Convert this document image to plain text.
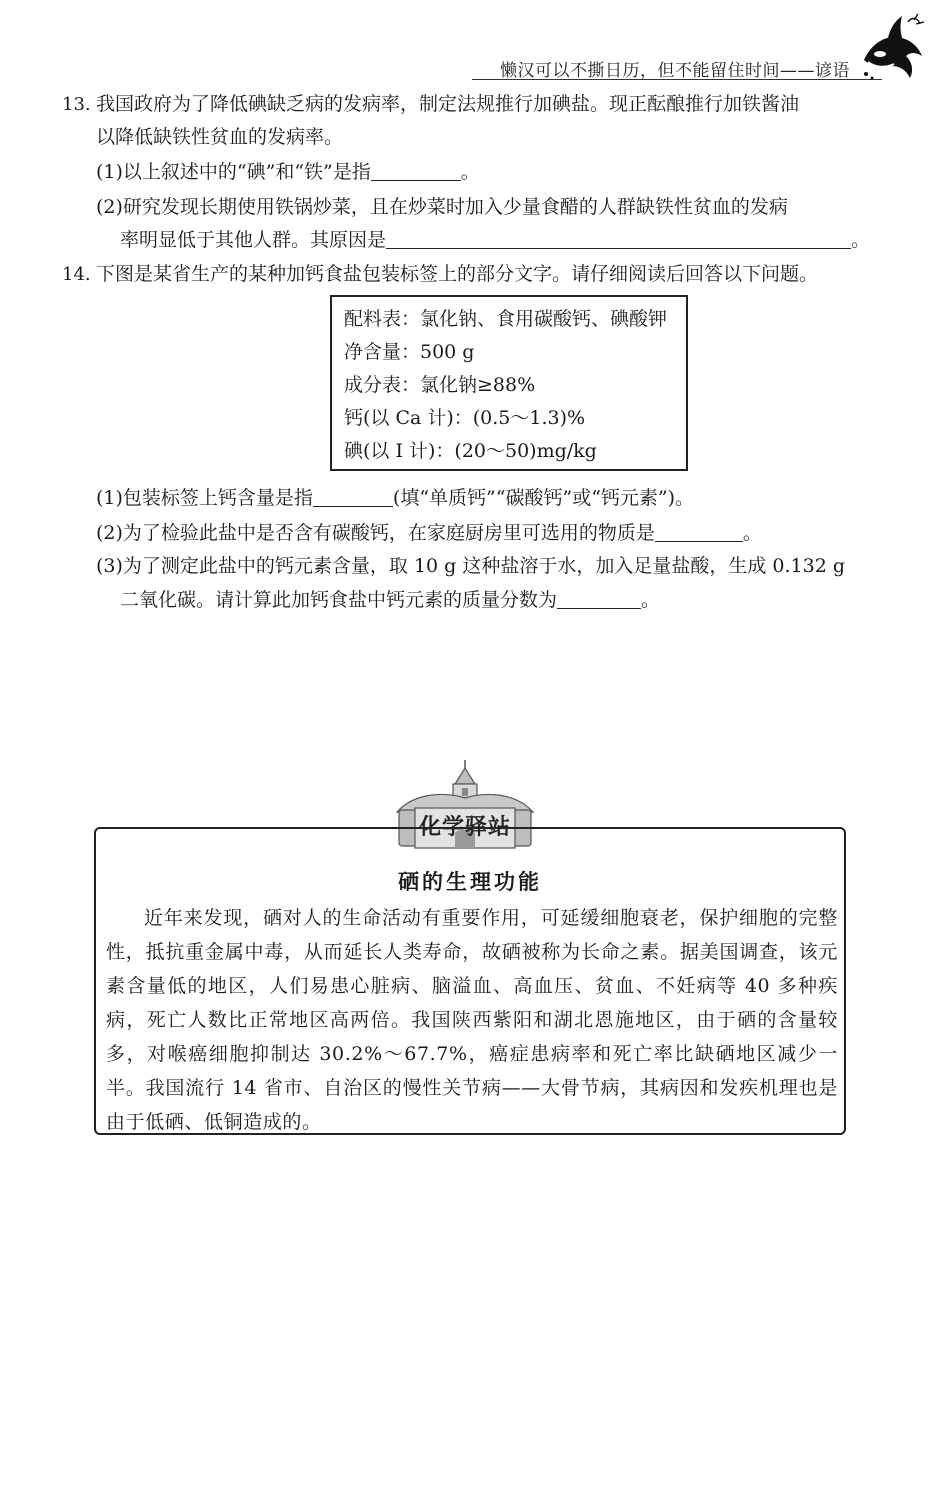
懒汉可以不撕日历，但不能留住时间——谚语
13. 我国政府为了降低碘缺乏病的发病率，制定法规推行加碘盐。现正酝酿推行加铁酱油
以降低缺铁性贫血的发病率。
(1)以上叙述中的“碘”和“铁”是指	。
(2)研究发现长期使用铁锅炒菜，且在炒菜时加入少量食醋的人群缺铁性贫血的发病
率明显低于其他人群。其原因是	。
14. 下图是某省生产的某种加钙食盐包装标签上的部分文字。请仔细阅读后回答以下问题。
配料表：氯化钠、食用碳酸钙、碘酸钾
净含量：500 g
成分表：氯化钠≥88%
钙(以 Ca 计)：(0.5～1.3)%
碘(以 I 计)：(20～50)mg/kg
(1)包装标签上钙含量是指	(填“单质钙”“碳酸钙”或“钙元素”)。
(2)为了检验此盐中是否含有碳酸钙，在家庭厨房里可选用的物质是	。
(3)为了测定此盐中的钙元素含量，取 10 g 这种盐溶于水，加入足量盐酸，生成 0.132 g
二氧化碳。请计算此加钙食盐中钙元素的质量分数为	。
化学驿站
硒的生理功能
近年来发现，硒对人的生命活动有重要作用，可延缓细胞衰老，保护细胞的完整性，抵抗重金属中毒，从而延长人类寿命，故硒被称为长命之素。据美国调查，该元素含量低的地区，人们易患心脏病、脑溢血、高血压、贫血、不妊病等 40 多种疾病，死亡人数比正常地区高两倍。我国陕西紫阳和湖北恩施地区，由于硒的含量较多，对喉癌细胞抑制达 30.2%～67.7%，癌症患病率和死亡率比缺硒地区减少一半。我国流行 14 省市、自治区的慢性关节病——大骨节病，其病因和发疾机理也是由于低硒、低铜造成的。
